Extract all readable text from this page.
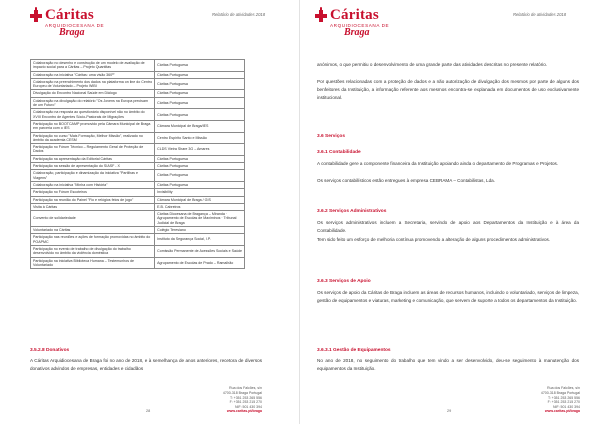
Cáritas
ARQUIDIOCESANA DE
Braga
Relatório de atividades 2018
Colaboração no desenho e construção de um modelo de avaliação de impacto social para a Cáritas – Projeto Quantitas	Cáritas Portuguesa
Colaboração na iniciativa "Cáritas: uma visão 360º"	Cáritas Portuguesa
Colaboração na preenchimento dos dados na plataforma on line do Centro Europeu de Voluntariado – Projeto WIBI	Cáritas Portuguesa
Divulgação do Encontro Nacional Saúde em Diálogo	Cáritas Portuguesa
Colaboração na divulgação do relatório "Os Jovens na Europa precisam de um Futuro"	Cáritas Portuguesa
Colaboração na resposta ao questionário disponível não no âmbito do XVIII Encontro de Agentes Sócio-Pastorais de Migrações	Cáritas Portuguesa
Participação no BOOTCAMP promovido pela Câmara Municipal de Braga em parceria com o IES	Câmara Municipal de Braga/IES
Participação no curso "Mais Formação, Melhor Missão", realizado no âmbito da academia CESM	Centro Espírito Santo e Missão
Participação no Fórum Técnico – Regulamento Geral de Proteção de Dados	CLDS Vieira Share 3G – Amares
Participação na apresentação da Editorial Cáritas	Cáritas Portuguesa
Participação na sessão de apresentação do SIASF - X	Cáritas Portuguesa
Colaboração, participação e dinamização da iniciativa "Partilhas e Viagens"	Cáritas Portuguesa
Colaboração na iniciativa "Minha com História"	Cáritas Portuguesa
Participação no Fórum Escoteiros	Invisibility
Participação na reunião do Painel "Fio e relógios feios de jogo"	Câmara Municipal de Braga / GIS
Visita à Cáritas	E.B. Cabreiros
Convento de solidariedade	Cáritas Diocesana de Bragança – Miranda · Agrupamento de Escolas de Maximinos · Tribunal Judicial de Braga
Voluntariado na Cáritas	Colégio Teresiano
Participação nas reuniões e ações de formação promovidas no âmbito do POAPMC	Instituto da Segurança Social, I.P.
Participação no evento de trabalho de divulgação do trabalho desenvolvido no âmbito da violência doméstica	Comissão Permanente de Acessões Sociais e Saúde
Participação na iniciativa Biblioteca Humana – Testemunhos de Voluntariado	Agrupamento de Escolas de Prado – Ramalhão
3.5.2.8 Donativos
A Cáritas Arquidiocesana de Braga foi no ano de 2018, e à semelhança de anos anteriores, recetora de diversos donativos advindos de empresas, entidades e cidadãos
28
Rua dos Falcões, s/n
4700-318 Braga Portugal
T: +351 253 265 556
F: +351 253 215 270
NIF: 501 430 394
www.caritas.pt/braga
Cáritas
ARQUIDIOCESANA DE
Braga
Relatório de atividades 2018
anónimos, o que permitiu o desenvolvimento de uma grande parte das atividades descritas no presente relatório.
Por questões relacionadas com a proteção de dados e a não autorização de divulgação dos mesmos por parte de alguns dos benfeitores da Instituição, a informação referente aos mesmos encontra-se explanada em documentos de uso exclusivamente institucional.
3.6 Serviços
3.6.1 Contabilidade
A contabilidade gere a componente financeira da Instituição apoiando ainda o departamento de Programas e Projetos.
Os serviços contabilísticos estão entregues à empresa CEBRAMA – Contabilistas, Lda.
3.6.2 Serviços Administrativos
Os serviços administrativos incluem a Secretaria, servindo de apoio aos Departamentos da Instituição e à área da Contabilidade.
Tem sido feito um esforço de melhoria contínua promovendo a alteração de alguns procedimentos administrativos.
3.6.3 Serviços de Apoio
Os serviços de apoio da Cáritas de Braga incluem as áreas de recursos humanos, incluindo o voluntariado, serviços de limpeza, gestão de equipamentos e viaturas, marketing e comunicação, que servem de suporte a todos os departamentos da Instituição.
3.6.3.1 Gestão de Equipamentos
No ano de 2018, no seguimento do trabalho que tem vindo a ser desenvolvido, deu-se seguimento à manutenção dos equipamentos da Instituição.
29
Rua dos Falcões, s/n
4700-318 Braga Portugal
T: +351 253 265 556
F: +351 253 215 270
NIF: 501 430 394
www.caritas.pt/braga
